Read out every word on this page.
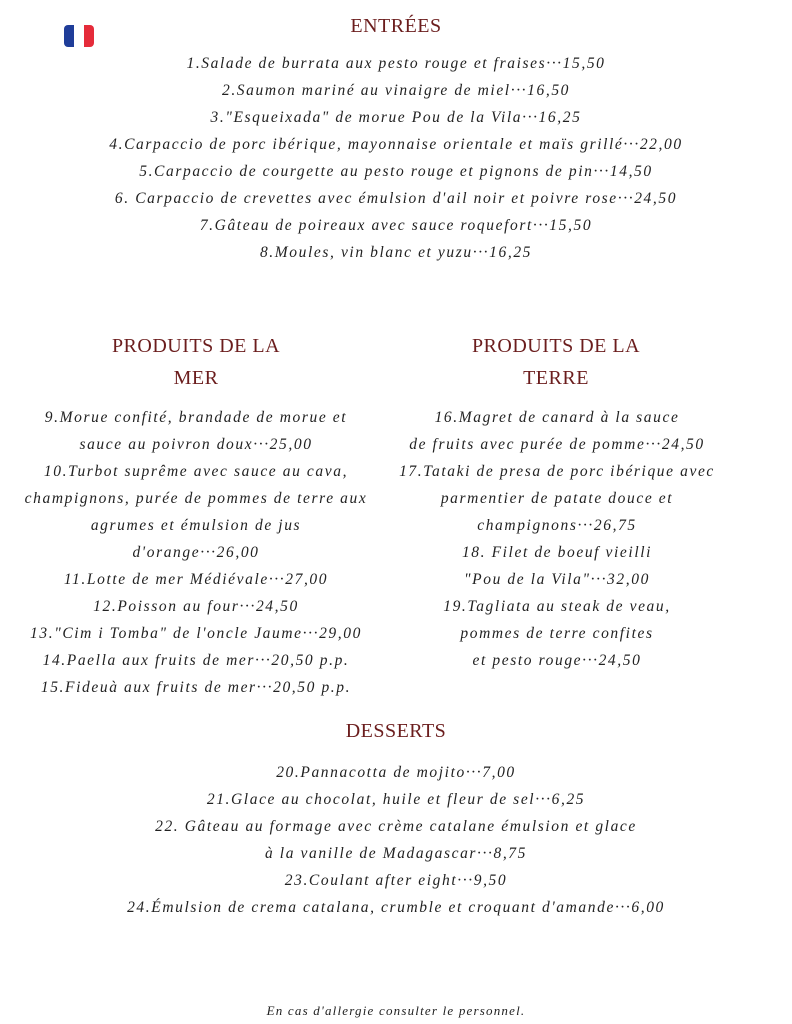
ENTRÉES
1.Salade de burrata aux pesto rouge et fraises···15,50
2.Saumon mariné au vinaigre de miel···16,50
3."Esqueixada" de morue Pou de la Vila···16,25
4.Carpaccio de porc ibérique, mayonnaise orientale et maïs grillé···22,00
5.Carpaccio de courgette au pesto rouge et pignons de pin···14,50
6. Carpaccio de crevettes avec émulsion d'ail noir et poivre rose···24,50
7.Gâteau de poireaux avec sauce roquefort···15,50
8.Moules, vin blanc et yuzu···16,25
PRODUITS DE LA
MER
9.Morue confité, brandade de morue et
sauce au poivron doux···25,00
10.Turbot suprême avec sauce au cava,
champignons, purée de pommes de terre aux
agrumes et émulsion de jus
d'orange···26,00
11.Lotte de mer Médiévale···27,00
12.Poisson au four···24,50
13."Cim i Tomba" de l'oncle Jaume···29,00
14.Paella aux fruits de mer···20,50 p.p.
15.Fideuà aux fruits de mer···20,50 p.p.
PRODUITS DE LA
TERRE
16.Magret de canard à la sauce
de fruits avec purée de pomme···24,50
17.Tataki de presa de porc ibérique avec
parmentier de patate douce et
champignons···26,75
18. Filet de boeuf vieilli
"Pou de la Vila"···32,00
19.Tagliata au steak de veau,
pommes de terre confites
et pesto rouge···24,50
DESSERTS
20.Pannacotta de mojito···7,00
21.Glace au chocolat, huile et fleur de sel···6,25
22. Gâteau au formage avec crème catalane émulsion et glace
à la vanille de Madagascar···8,75
23.Coulant after eight···9,50
24.Émulsion de crema catalana, crumble et croquant d'amande···6,00
En cas d'allergie consulter le personnel.
